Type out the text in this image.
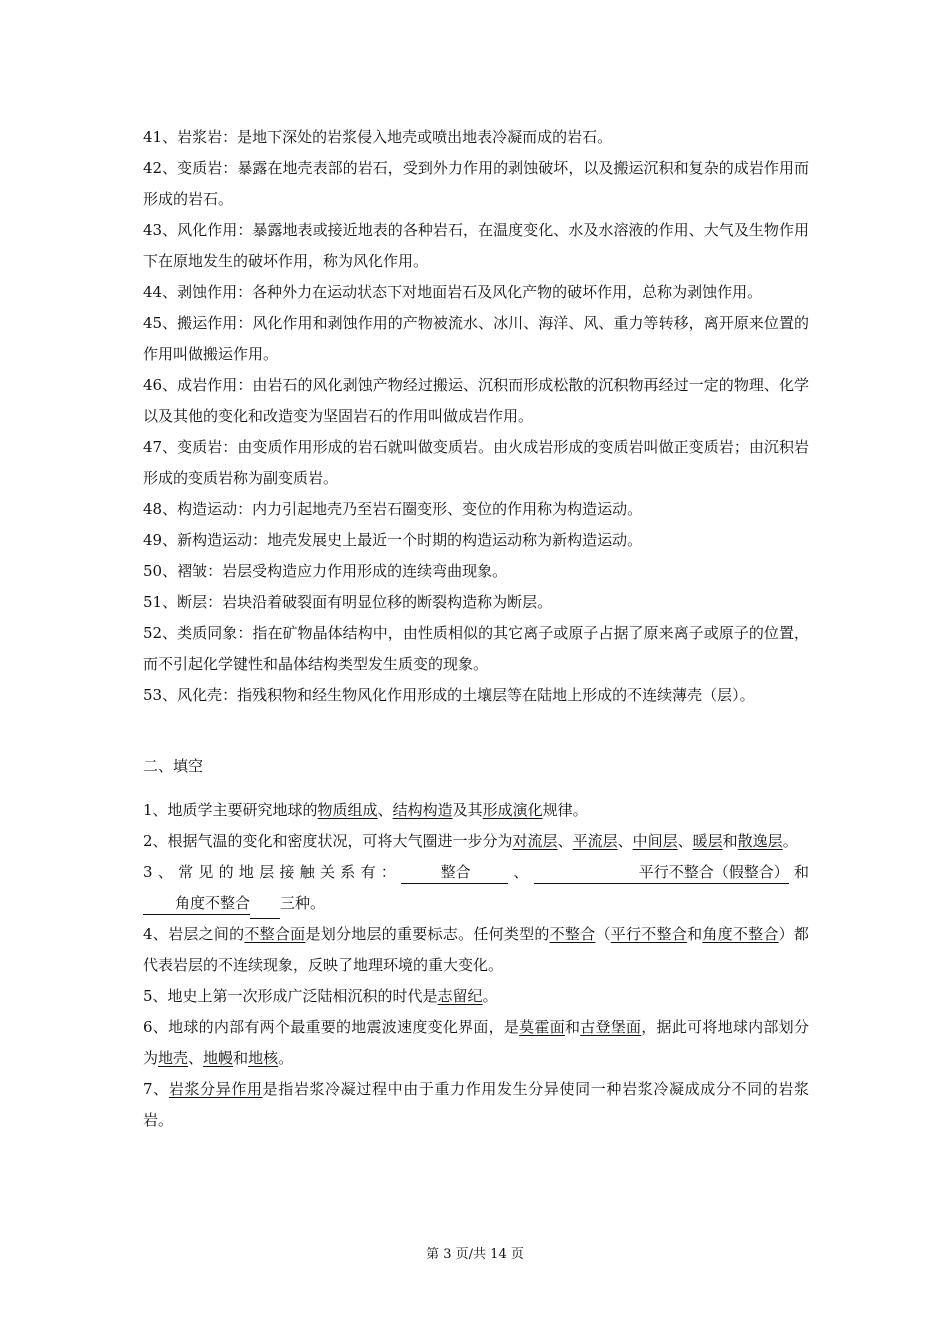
41、岩浆岩：是地下深处的岩浆侵入地壳或喷出地表冷凝而成的岩石。

42、变质岩：暴露在地壳表部的岩石，受到外力作用的剥蚀破坏，以及搬运沉积和复杂的成岩作用而形成的岩石。

43、风化作用：暴露地表或接近地表的各种岩石，在温度变化、水及水溶液的作用、大气及生物作用下在原地发生的破坏作用，称为风化作用。

44、剥蚀作用：各种外力在运动状态下对地面岩石及风化产物的破坏作用，总称为剥蚀作用。

45、搬运作用：风化作用和剥蚀作用的产物被流水、冰川、海洋、风、重力等转移，离开原来位置的作用叫做搬运作用。

46、成岩作用：由岩石的风化剥蚀产物经过搬运、沉积而形成松散的沉积物再经过一定的物理、化学以及其他的变化和改造变为坚固岩石的作用叫做成岩作用。

47、变质岩：由变质作用形成的岩石就叫做变质岩。由火成岩形成的变质岩叫做正变质岩；由沉积岩形成的变质岩称为副变质岩。

48、构造运动：内力引起地壳乃至岩石圈变形、变位的作用称为构造运动。

49、新构造运动：地壳发展史上最近一个时期的构造运动称为新构造运动。

50、褶皱：岩层受构造应力作用形成的连续弯曲现象。

51、断层：岩块沿着破裂面有明显位移的断裂构造称为断层。

52、类质同象：指在矿物晶体结构中，由性质相似的其它离子或原子占据了原来离子或原子的位置，而不引起化学键性和晶体结构类型发生质变的现象。

53、风化壳：指残积物和经生物风化作用形成的土壤层等在陆地上形成的不连续薄壳（层）。

二、填空

1、地质学主要研究地球的物质组成、结构构造及其形成演化规律。

2、根据气温的变化和密度状况，可将大气圈进一步分为对流层、平流层、中间层、暖层和散逸层。

3、常见的地层接触关系有：	整合	、	平行不整合（假整合）和角度不整合 三种。

4、岩层之间的不整合面是划分地层的重要标志。任何类型的不整合（平行不整合和角度不整合）都代表岩层的不连续现象，反映了地理环境的重大变化。

5、地史上第一次形成广泛陆相沉积的时代是志留纪。

6、地球的内部有两个最重要的地震波速度变化界面，是莫霍面和古登堡面，据此可将地球内部划分为地壳、地幔和地核。

7、岩浆分异作用是指岩浆冷凝过程中由于重力作用发生分异使同一种岩浆冷凝成成分不同的岩浆岩。

第 3 页/共 14 页
